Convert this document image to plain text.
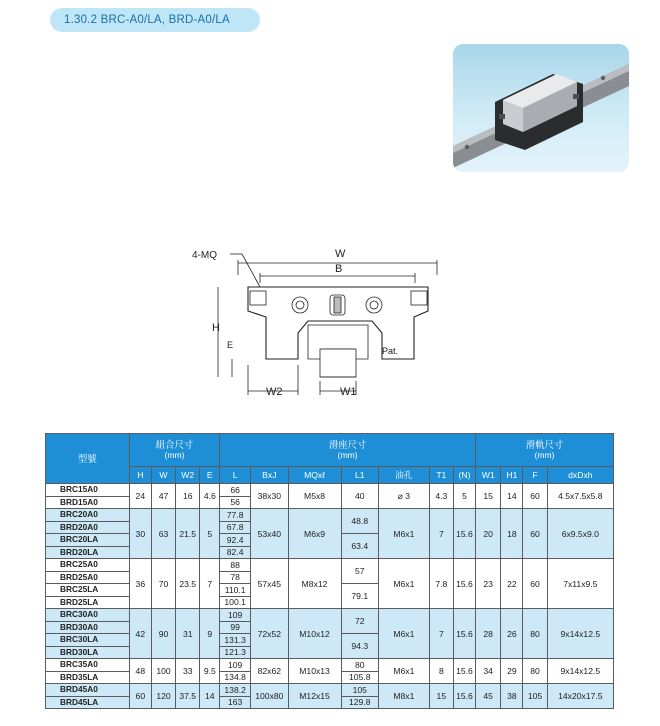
1.30.2 BRC-A0/LA, BRD-A0/LA
4-MQ	W
B
Pat.
H
E
W2	W1
型號	組合尺寸
(mm)				滑座尺寸
(mm)							滑軌尺寸
(mm)			

	H	W	W2	E	L	BxJ	MQxℓ	L1	油孔	T1	(N)	W1	H1	F	dxDxh
BRC15A0	24	47	16	4.6	66	38x30	M5x8	40	⌀ 3	4.3	5	15	14	60	4.5x7.5x5.8
BRD15A0					56										
BRC20A0	30	63	21.5	5	77.8	53x40	M6x9	48.8	M6x1	7	15.6	20	18	60	6x9.5x9.0
BRD20A0					67.8										
BRC20LA					92.4			63.4							
BRD20LA					82.4										
BRC25A0	36	70	23.5	7	88	57x45	M8x12	57	M6x1	7.8	15.6	23	22	60	7x11x9.5
BRD25A0					78										
BRC25LA					110.1			79.1							
BRD25LA					100.1										
BRC30A0	42	90	31	9	109	72x52	M10x12	72	M6x1	7	15.6	28	26	80	9x14x12.5
BRD30A0					99										
BRC30LA					131.3			94.3							
BRD30LA					121.3										
BRC35A0	48	100	33	9.5	109	82x62	M10x13	80	M6x1	8	15.6	34	29	80	9x14x12.5
BRD35LA					134.8			105.8							
BRD45A0	60	120	37.5	14	138.2	100x80	M12x15	105	M8x1	15	15.6	45	38	105	14x20x17.5
BRD45LA					163			129.8							
